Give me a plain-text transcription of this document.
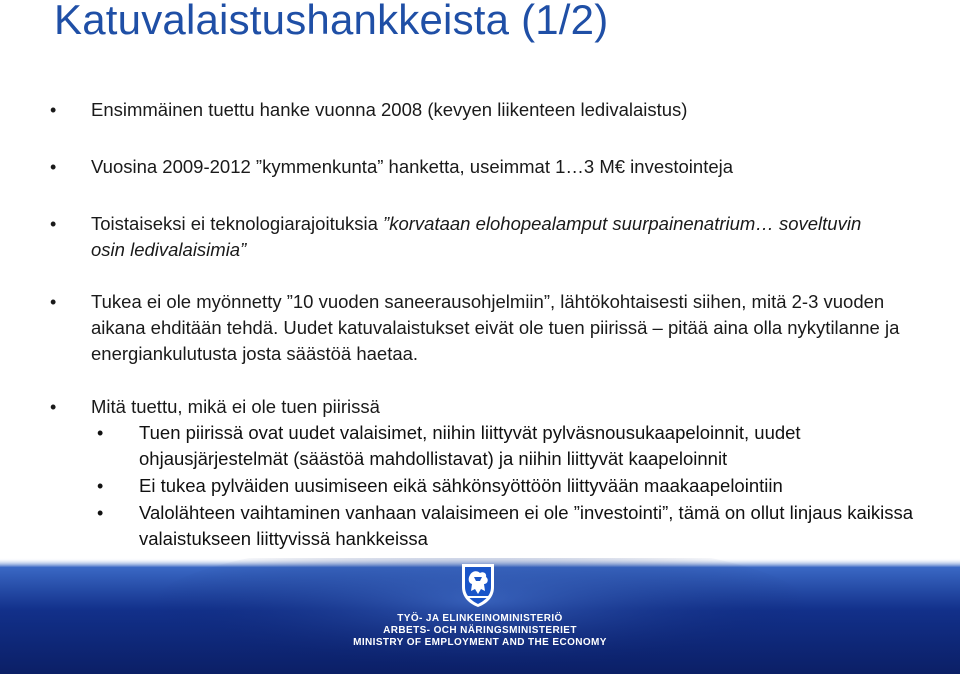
Katuvalaistushankkeista (1/2)
•	Ensimmäinen tuettu hanke vuonna 2008 (kevyen liikenteen ledivalaistus)
•	Vuosina 2009-2012 ”kymmenkunta” hanketta, useimmat 1…3 M€ investointeja
•	Toistaiseksi ei teknologiarajoituksia ”korvataan elohopealamput suurpainenatrium… soveltuvin osin ledivalaisimia”
•	Tukea ei ole myönnetty ”10 vuoden saneerausohjelmiin”, lähtökohtaisesti siihen, mitä 2-3 vuoden aikana ehditään tehdä. Uudet katuvalaistukset eivät ole tuen piirissä – pitää aina olla nykytilanne ja energiankulutusta josta säästöä haetaa.
•	Mitä tuettu, mikä ei ole tuen piirissä
• Tuen piirissä ovat uudet valaisimet, niihin liittyvät pylväsnousukaapeloinnit, uudet ohjausjärjestelmät (säästöä mahdollistavat) ja niihin liittyvät kaapeloinnit
• Ei tukea pylväiden uusimiseen eikä sähkönsyöttöön liittyvään maakaapelointiin
• Valolähteen vaihtaminen vanhaan valaisimeen ei ole ”investointi”, tämä on ollut linjaus kaikissa valaistukseen liittyvissä hankkeissa
TYÖ- JA ELINKEINOMINISTERIÖ
ARBETS- OCH NÄRINGSMINISTERIET
MINISTRY OF EMPLOYMENT AND THE ECONOMY
